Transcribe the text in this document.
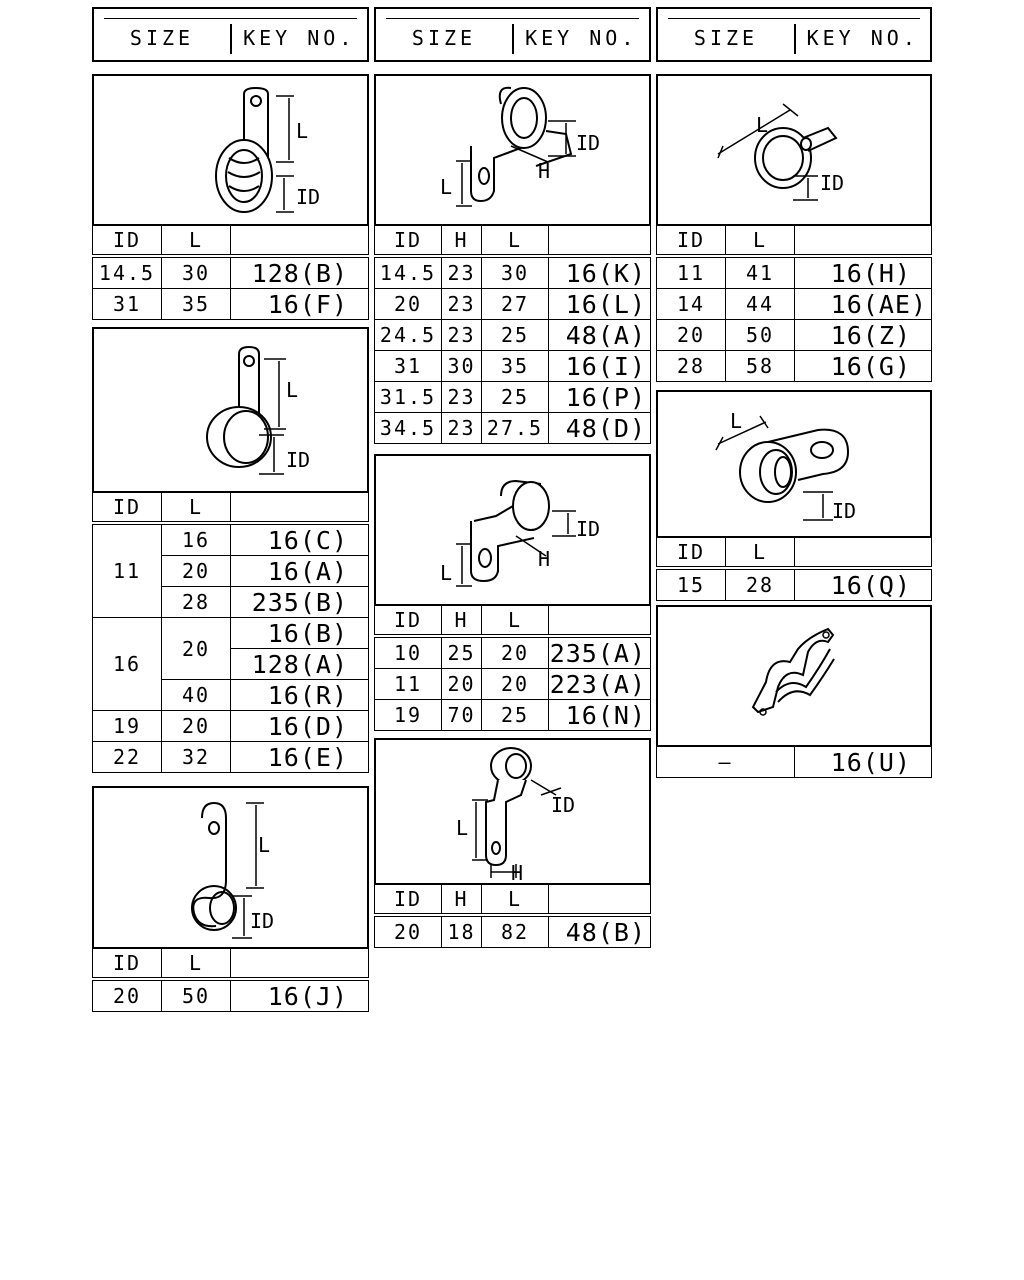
SIZE	KEY NO.	SIZE	KEY NO.	SIZE	KEY NO.
L
ID
ID	L	
14.5	30	128(B)
31	35	16(F)
L
ID
ID	L	
11	16	16(C)
	20	16(A)
	28	235(B)
16	20	16(B)
		128(A)
	40	16(R)
19	20	16(D)
22	32	16(E)
L
ID
ID	L	
20	50	16(J)
L
ID
H
ID	H	L	
14.5	23	30	16(K)
20	23	27	16(L)
24.5	23	25	48(A)
31	30	35	16(I)
31.5	23	25	16(P)
34.5	23	27.5	48(D)
L
ID
H
ID	H	L	
10	25	20	235(A)
11	20	20	223(A)
19	70	25	16(N)
L
ID
H
ID	H	L	
20	18	82	48(B)
L
ID
ID	L	
11	41	16(H)
14	44	16(AE)
20	50	16(Z)
28	58	16(G)
L
ID
ID	L	
15	28	16(Q)
—	16(U)
